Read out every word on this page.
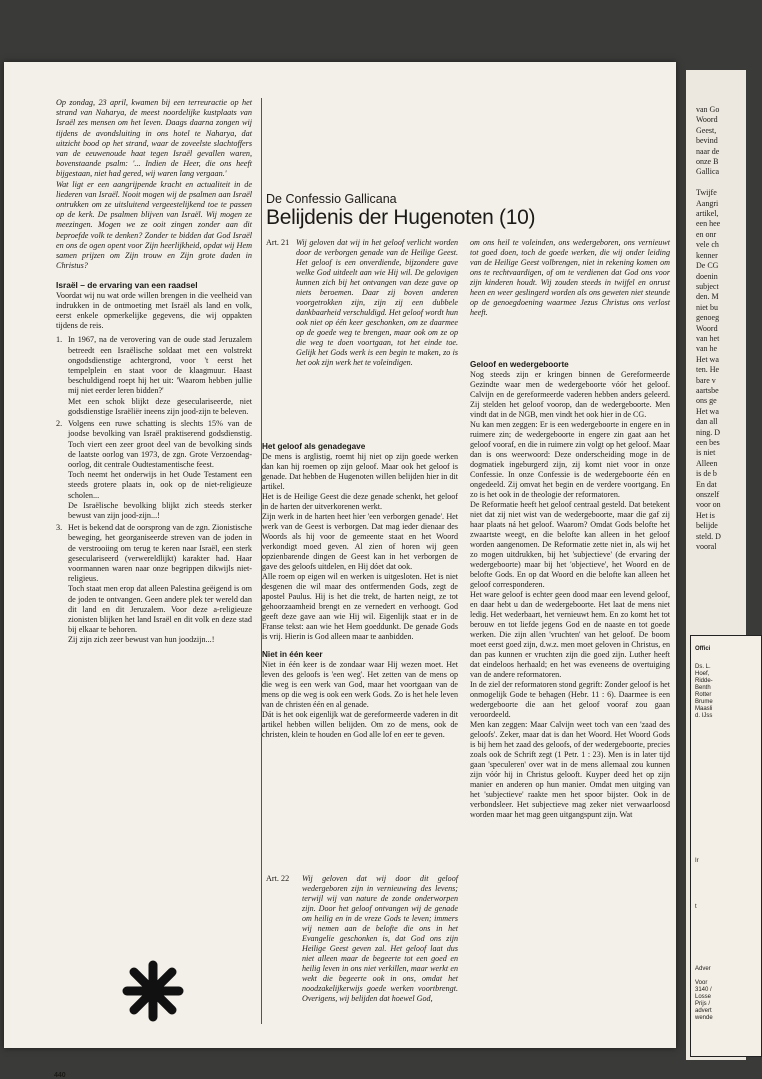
Op zondag, 23 april, kwamen bij een terreuractie op het strand van Naharya, de meest noordelijke kustplaats van Israël zes mensen om het leven. Daags daarna zongen wij tijdens de avondsluiting in ons hotel te Naharya, dat uitzicht bood op het strand, waar de zoveelste slachtoffers van de eeuwenoude haat tegen Israël gevallen waren, bovenstaande psalm: '... Indien de Heer, die ons heeft bijgestaan, niet had gered, wij waren lang vergaan.'
Wat ligt er een aangrijpende kracht en actualiteit in de liederen van Israël. Nooit mogen wij de psalmen aan Israël ontrukken om ze uitsluitend vergeestelijkend toe te passen op de kerk. De psalmen blijven van Israël. Wij mogen ze meezingen. Mogen we ze ooit zingen zonder aan dit beproefde volk te denken? Zonder te bidden dat God Israël en ons de ogen opent voor Zijn heerlijkheid, opdat wij Hem samen prijzen om Zijn trouw en Zijn grote daden in Christus?
Israël – de ervaring van een raadsel
Voordat wij nu wat orde willen brengen in die veelheid van indrukken in de ontmoeting met Israël als land en volk, eerst enkele opmerkelijke gegevens, die wij oppakten tijdens de reis.
1. In 1967, na de verovering van de oude stad Jeruzalem betreedt een Israëlische soldaat met een volstrekt ongodsdienstige achtergrond, voor 't eerst het tempelplein en staat voor de klaagmuur. Haast beschuldigend roept hij het uit: 'Waarom hebben jullie mij niet eerder leren bidden?'
Met een schok blijkt deze geseculariseerde, niet godsdienstige Israëliër ineens zijn jood-zijn te beleven.
2. Volgens een ruwe schatting is slechts 15% van de joodse bevolking van Israël praktiserend godsdienstig. Toch viert een zeer groot deel van de bevolking sinds de laatste oorlog van 1973, de zgn. Grote Verzoendag-oorlog, dit centrale Oudtestamentische feest.
Toch neemt het onderwijs in het Oude Testament een steeds grotere plaats in, ook op de niet-religieuze scholen...
De Israëlische bevolking blijkt zich steeds sterker bewust van zijn jood-zijn...!
3. Het is bekend dat de oorsprong van de zgn. Zionistische beweging, het georganiseerde streven van de joden in de verstrooiing om terug te keren naar Israël, een sterk geseculariseerd (verwereldlijkt) karakter had. Haar voormannen waren naar onze begrippen dikwijls niet-religieus.
Toch staat men erop dat alleen Palestina geëigend is om de joden te ontvangen. Geen andere plek ter wereld dan dit land en dit Jeruzalem. Voor deze a-religieuze zionisten blijken het land Israël en dit volk en deze stad bij elkaar te behoren.
Zij zijn zich zeer bewust van hun joodzijn...!
440
De Confessio Gallicana
Belijdenis der Hugenoten (10)
Art. 21 Wij geloven dat wij in het geloof verlicht worden door de verborgen genade van de Heilige Geest. Het geloof is een onverdiende, bijzondere gave welke God uitdeelt aan wie Hij wil. De gelovigen kunnen zich bij het ontvangen van deze gave op niets beroemen. Daar zij boven anderen voorgetrokken zijn, zijn zij een dubbele dankbaarheid verschuldigd. Het geloof wordt hun ook niet op één keer geschonken, om ze daarmee op de goede weg te brengen, maar ook om ze op die weg te doen voortgaan, tot het einde toe. Gelijk het Gods werk is een begin te maken, zo is het ook zijn werk het te voleindigen.
om ons heil te voleinden, ons wedergeboren, ons vernieuwt tot goed doen, toch de goede werken, die wij onder leiding van de Heilige Geest volbrengen, niet in rekening komen om ons te rechtvaardigen, of om te verdienen dat God ons voor zijn kinderen houdt. Wij zouden steeds in twijfel en onrust heen en weer geslingerd worden als ons geweten niet steunde op de genoegdoening waarmee Jezus Christus ons verlost heeft.
Het geloof als genadegave
De mens is arglistig, roemt hij niet op zijn goede werken dan kan hij roemen op zijn geloof. Maar ook het geloof is genade. Dat hebben de Hugenoten willen belijden hier in dit artikel.
Het is de Heilige Geest die deze genade schenkt, het geloof in de harten der uitverkorenen werkt.
Zijn werk in de harten heet hier 'een verborgen genade'. Het werk van de Geest is verborgen. Dat mag ieder dienaar des Woords als hij voor de gemeente staat en het Woord verkondigt moed geven. Al zien of horen wij geen opzienbarende dingen de Geest kan in het verborgen de gave des geloofs uitdelen, en Hij dóet dat ook.
Alle roem op eigen wil en werken is uitgesloten. Het is niet desgenen die wil maar des ontfermenden Gods, zegt de apostel Paulus. Hij is het die trekt, de harten neigt, ze tot gehoorzaamheid brengt en ze vernedert en verhoogt. God geeft deze gave aan wie Hij wil. Eigenlijk staat er in de Franse tekst: aan wie het Hem goeddunkt. De genade Gods is vrij. Hierin is God alleen maar te aanbidden.
Niet in één keer
Niet in één keer is de zondaar waar Hij wezen moet. Het leven des geloofs is 'een weg'. Het zetten van de mens op die weg is een werk van God, maar het voortgaan van de mens op die weg is ook een werk Gods. Zo is het hele leven van de christen één en al genade.
Dát is het ook eigenlijk wat de gereformeerde vaderen in dit artikel hebben willen belijden. Om zo de mens, ook de christen, klein te houden en God alle lof en eer te geven.
Art. 22 Wij geloven dat wij door dit geloof wedergeboren zijn in vernieuwing des levens; terwijl wij van nature de zonde onderworpen zijn. Door het geloof ontvangen wij de genade om heilig en in de vreze Gods te leven; immers wij nemen aan de belofte die ons in het Evangelie geschonken is, dat God ons zijn Heilige Geest geven zal. Het geloof laat dus niet alleen maar de begeerte tot een goed en heilig leven in ons niet verkillen, maar werkt en wekt die begeerte ook in ons, omdat het noodzakelijkerwijs goede werken voortbrengt. Overigens, wij belijden dat hoewel God,
Geloof en wedergeboorte
Nog steeds zijn er kringen binnen de Gereformeerde Gezindte waar men de wedergeboorte vóór het geloof. Calvijn en de gereformeerde vaderen hebben anders geleerd. Zij stelden het geloof voorop, dan de wedergeboorte. Men vindt dat in de NGB, men vindt het ook hier in de CG.
Nu kan men zeggen: Er is een wedergeboorte in engere en in ruimere zin; de wedergeboorte in engere zin gaat aan het geloof vooraf, en die in ruimere zin volgt op het geloof. Maar dan is ons weerwoord: Deze onderscheiding moge in de dogmatiek ingeburgerd zijn, zij komt niet voor in onze Confessie. In onze Confessie is de wedergeboorte één en ongedeeld. Zij omvat het begin en de verdere voortgang. En zo is het ook in de theologie der reformatoren.
De Reformatie heeft het geloof centraal gesteld. Dat betekent niet dat zij niet wist van de wedergeboorte, maar die gaf zij haar plaats ná het geloof. Waarom? Omdat Gods belofte het zwaartste weegt, en die belofte kan alleen in het geloof worden aangenomen. De Reformatie zette niet in, als wij het zo mogen uitdrukken, bij het 'subjectieve' (de ervaring der wedergeboorte) maar bij het 'objectieve', het Woord en de belofte Gods. En op dat Woord en die belofte kan alleen het geloof corresponderen.
Het ware geloof is echter geen dood maar een levend geloof, en daar hebt u dan de wedergeboorte. Het laat de mens niet ledig. Het wederbaart, het vernieuwt hem. En zo komt het tot berouw en tot liefde jegens God en de naaste en tot goede werken. Die zijn allen 'vruchten' van het geloof. De boom moet eerst goed zijn, d.w.z. men moet geloven in Christus, en dan pas kunnen er vruchten zijn die goed zijn. Luther heeft dat eindeloos herhaald; en het was eveneens de overtuiging van de andere reformatoren.
In de ziel der reformatoren stond gegrift: Zonder geloof is het onmogelijk Gode te behagen (Hebr. 11 : 6). Daarmee is een wedergeboorte die aan het geloof vooraf zou gaan veroordeeld.
Men kan zeggen: Maar Calvijn weet toch van een 'zaad des geloofs'. Zeker, maar dat is dan het Woord. Het Woord Gods is bij hem het zaad des geloofs, of der wedergeboorte, precies zoals ook de Schrift zegt (1 Petr. 1 : 23). Men is in later tijd gaan 'speculeren' over wat in de mens allemaal zou kunnen zijn vóór hij in Christus gelooft. Kuyper deed het op zijn manier en anderen op hun manier. Omdat men uitging van het 'subjectieve' raakte men het spoor bijster. Ook in de verbondsleer. Het subjectieve mag zeker niet verwaarloosd worden maar het mag geen uitgangspunt zijn. Wat
van Go
Woord
Geest,
bevind
naar de
onze B
Gallica

Twijfe
Aangri
artikel,
een hee
en onr
vele ch
kenner
De CG
doenin
subject
den. M
niet bu
genoeg
Woord
van het
van he
Het wa
ten. He
bare v
aartsbe
ons ge
Het wa
dan all
ning. D
een bes
is niet
Alleen
is de b
En dat
onszelf
voor on
Het is
belijde
steld. D
vooral
Offici
Ds. L.
Hoef,
Ridde-
Benth
Rotter
Brume
Maasli
d. IJss
Ir
t
Adver

Voor
3140 /
Losse
Prijs /
advert
wende
